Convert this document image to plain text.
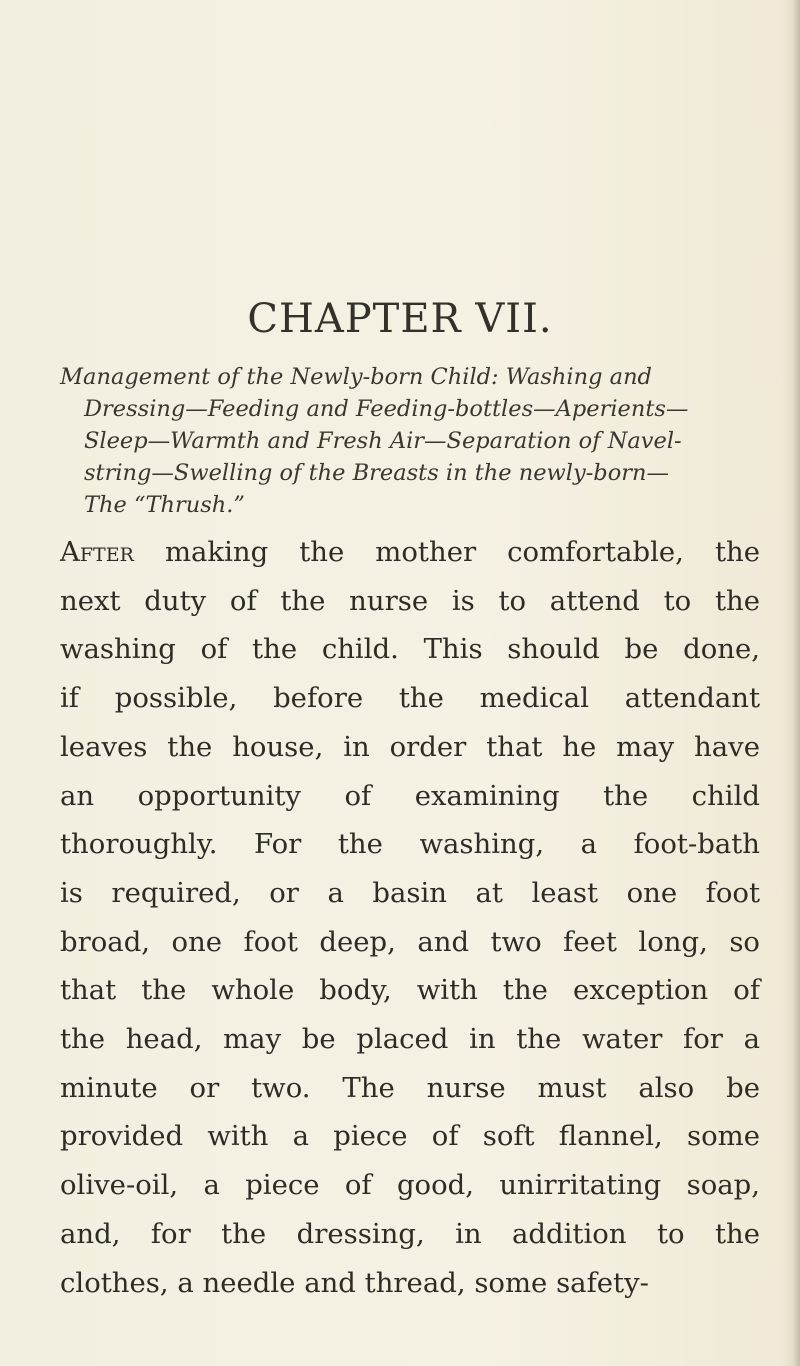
CHAPTER VII.
Management of the Newly-born Child: Washing and
Dressing—Feeding and Feeding-bottles—Aperients—
Sleep—Warmth and Fresh Air—Separation of Navel-
string—Swelling of the Breasts in the newly-born—
The “Thrush.”
After making the mother comfortable, the
next duty of the nurse is to attend to the
washing of the child. This should be done,
if possible, before the medical attendant
leaves the house, in order that he may have
an opportunity of examining the child
thoroughly. For the washing, a foot-bath
is required, or a basin at least one foot
broad, one foot deep, and two feet long, so
that the whole body, with the exception of
the head, may be placed in the water for a
minute or two. The nurse must also be
provided with a piece of soft flannel, some
olive-oil, a piece of good, unirritating soap,
and, for the dressing, in addition to the
clothes, a needle and thread, some safety-
